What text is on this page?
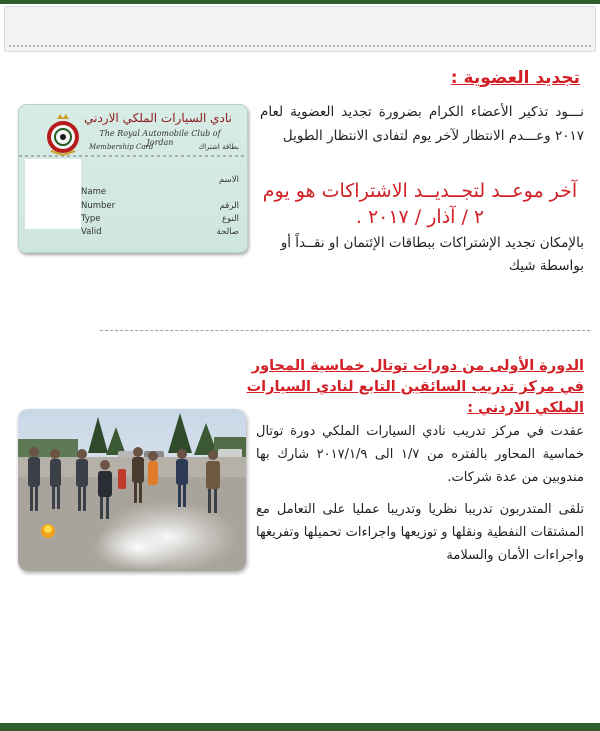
تجديد العضوية :
نـــود تذكير الأعضاء الكرام بضرورة تجديد العضوية لعام ٢٠١٧ وعـــدم الانتظار لآخر يوم لتفادى الانتظار الطويل
آخر موعــد لتجــديــد الاشتراكات هو يوم
٢ / آذار / ٢٠١٧ .
بالإمكان تجديد الإشتراكات ببطاقات الإئتمان او نقــداً أو بواسطة شيك
نادي السيارات الملكي الاردني
The Royal Automobile Club of Jordan
Membership Card	بطاقة اشتراك
الاسم
Name
Number	الرقم
Type	النوع
Valid	صالحة
الدورة الأولى من دورات توتال خماسية المحاور في مركز تدريب السائقين التابع لنادي السيارات الملكي الاردني :
عقدت في مركز تدريب نادي السيارات الملكي دورة توتال خماسية المحاور بالفتره من ١/٧ الى ٢٠١٧/١/٩ شارك بها مندوبين من عدة شركات.
تلقى المتدربون تدريبا نظريا وتدريبا عمليا على التعامل مع المشتقات النفطية ونقلها و توزيعها واجراءات تحميلها وتفريغها واجراءات الأمان والسلامة
